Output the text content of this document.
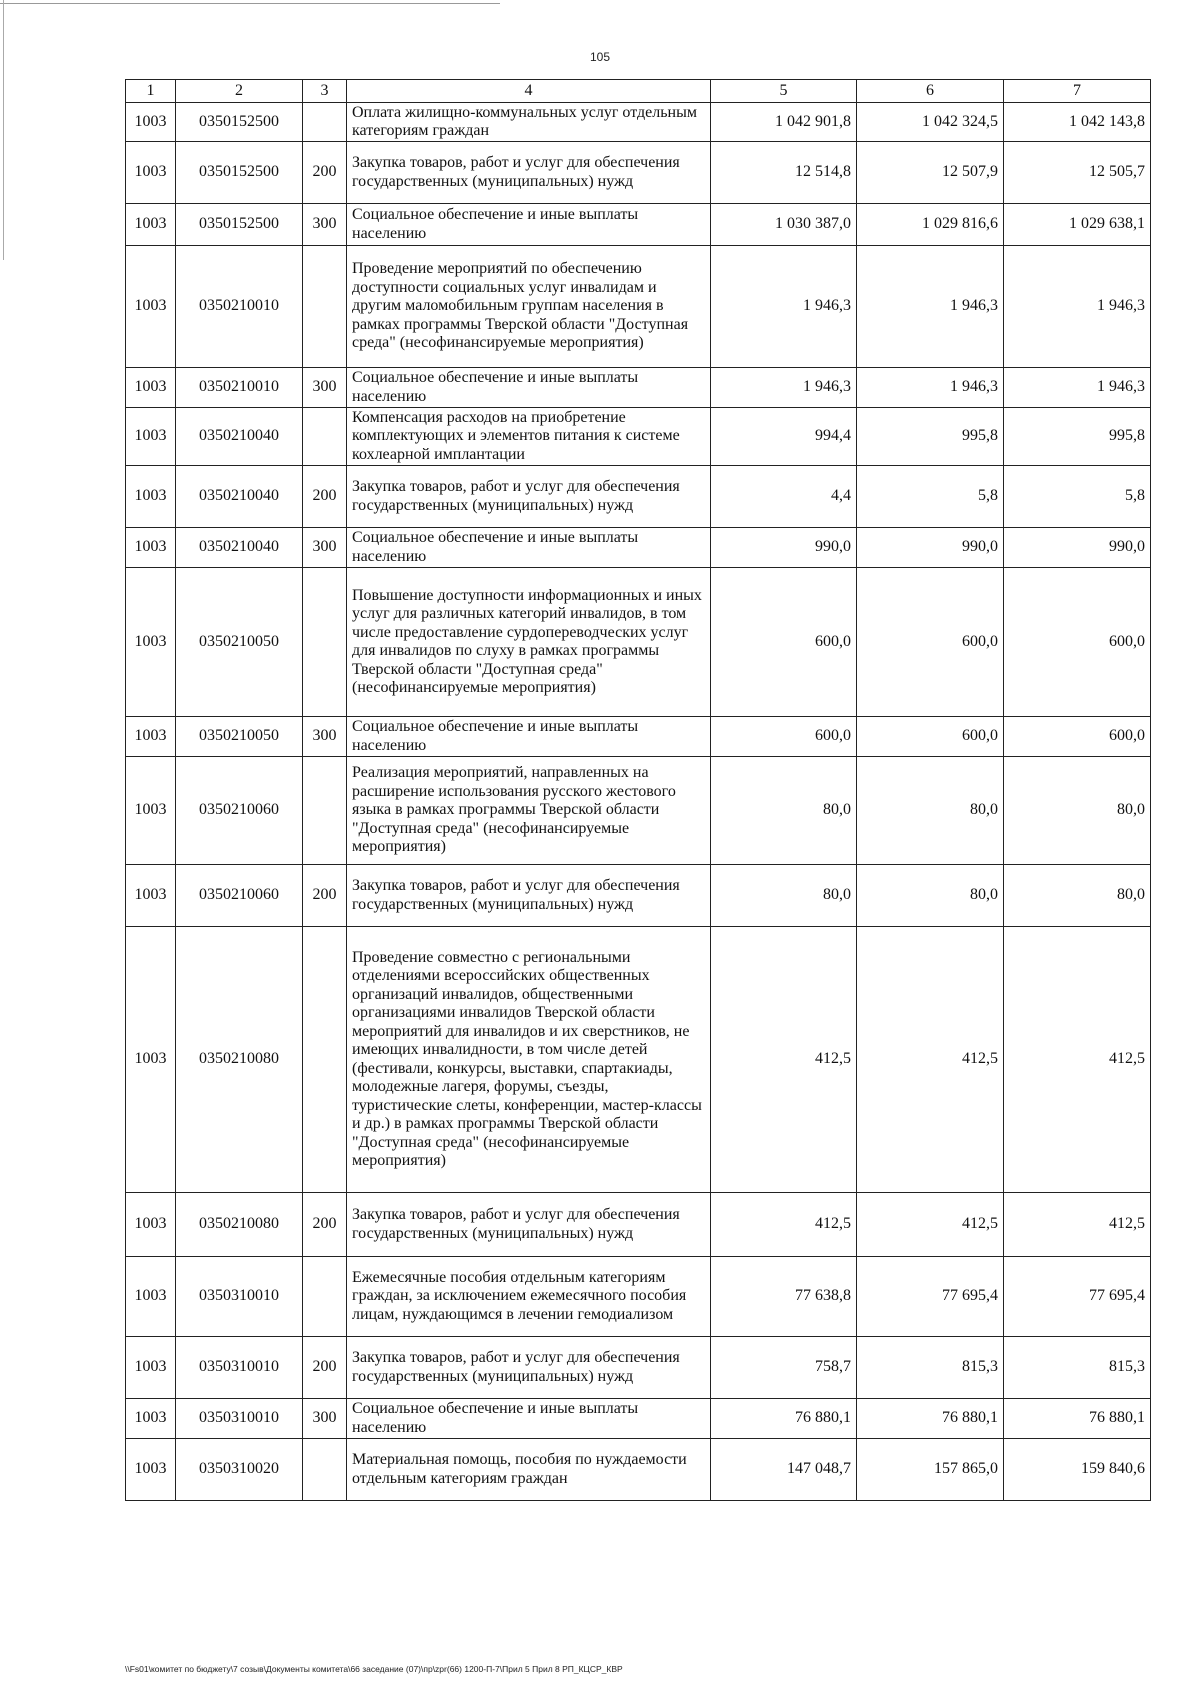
105
1	2	3	4	5	6	7
1003	0350152500		Оплата жилищно-коммунальных услуг отдельным категориям граждан	1 042 901,8	1 042 324,5	1 042 143,8
1003	0350152500	200	Закупка товаров, работ и услуг для обеспечения государственных (муниципальных) нужд	12 514,8	12 507,9	12 505,7
1003	0350152500	300	Социальное обеспечение и иные выплаты населению	1 030 387,0	1 029 816,6	1 029 638,1
1003	0350210010		Проведение мероприятий по обеспечению доступности социальных услуг инвалидам и другим маломобильным группам населения в рамках программы Тверской области "Доступная среда" (несофинансируемые мероприятия)	1 946,3	1 946,3	1 946,3
1003	0350210010	300	Социальное обеспечение и иные выплаты населению	1 946,3	1 946,3	1 946,3
1003	0350210040		Компенсация расходов на приобретение комплектующих и элементов питания к системе кохлеарной имплантации	994,4	995,8	995,8
1003	0350210040	200	Закупка товаров, работ и услуг для обеспечения государственных (муниципальных) нужд	4,4	5,8	5,8
1003	0350210040	300	Социальное обеспечение и иные выплаты населению	990,0	990,0	990,0
1003	0350210050		Повышение доступности информационных и иных услуг для различных категорий инвалидов, в том числе предоставление сурдопереводческих услуг для инвалидов по слуху в рамках программы Тверской области "Доступная среда" (несофинансируемые мероприятия)	600,0	600,0	600,0
1003	0350210050	300	Социальное обеспечение и иные выплаты населению	600,0	600,0	600,0
1003	0350210060		Реализация мероприятий, направленных на расширение использования русского жестового языка в рамках программы Тверской области "Доступная среда" (несофинансируемые мероприятия)	80,0	80,0	80,0
1003	0350210060	200	Закупка товаров, работ и услуг для обеспечения государственных (муниципальных) нужд	80,0	80,0	80,0
1003	0350210080		Проведение совместно с региональными отделениями всероссийских общественных организаций инвалидов, общественными организациями инвалидов Тверской области мероприятий для инвалидов и их сверстников, не имеющих инвалидности, в том числе детей (фестивали, конкурсы, выставки, спартакиады, молодежные лагеря, форумы, съезды, туристические слеты, конференции, мастер-классы и др.) в рамках программы Тверской области "Доступная среда" (несофинансируемые мероприятия)	412,5	412,5	412,5
1003	0350210080	200	Закупка товаров, работ и услуг для обеспечения государственных (муниципальных) нужд	412,5	412,5	412,5
1003	0350310010		Ежемесячные пособия отдельным категориям граждан, за исключением ежемесячного пособия лицам, нуждающимся в лечении гемодиализом	77 638,8	77 695,4	77 695,4
1003	0350310010	200	Закупка товаров, работ и услуг для обеспечения государственных (муниципальных) нужд	758,7	815,3	815,3
1003	0350310010	300	Социальное обеспечение и иные выплаты населению	76 880,1	76 880,1	76 880,1
1003	0350310020		Материальная помощь, пособия по нуждаемости отдельным категориям граждан	147 048,7	157 865,0	159 840,6
\\Fs01\комитет по бюджету\7 созыв\Документы комитета\66 заседание (07)\пр\zpr(66) 1200-П-7\Прил 5 Прил 8 РП_КЦСР_КВР
